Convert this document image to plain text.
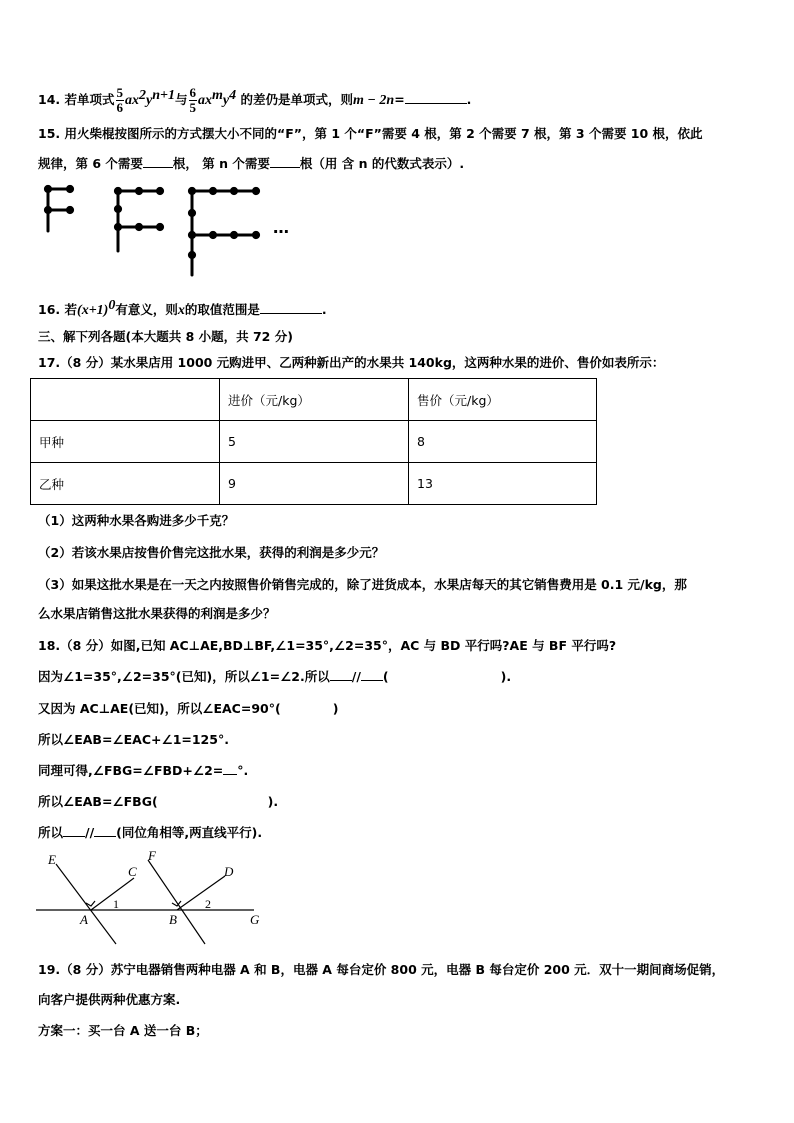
14. 若单项式 $\frac{5}{6} ax^2y^{n+1}$与 $\frac{6}{5} ax^my^4$ 的差仍是单项式，则m − 2n=	.
15. 用火柴棍按图所示的方式摆大小不同的“F”，第 1 个“F”需要 4 根，第 2 个需要 7 根，第 3 个需要 10 根，依此
规律，第 6 个需要 根， 第 n 个需要 根（用 含 n 的代数式表示）.
…
16. 若$(x+1)^0$有意义，则x的取值范围是	.
三、解下列各题(本大题共 8 小题，共 72 分)
17.（8 分）某水果店用 1000 元购进甲、乙两种新出产的水果共 140kg，这两种水果的进价、售价如表所示：
	进价（元/kg）	售价（元/kg）
甲种	5	8
乙种	9	13
（1）这两种水果各购进多少千克？
（2）若该水果店按售价售完这批水果，获得的利润是多少元？
（3）如果这批水果是在一天之内按照售价销售完成的，除了进货成本，水果店每天的其它销售费用是 0.1 元/kg，那
么水果店销售这批水果获得的利润是多少？
18.（8 分）如图,已知 AC⊥AE,BD⊥BF,∠1=35°,∠2=35°，AC 与 BD 平行吗?AE 与 BF 平行吗?
因为∠1=35°,∠2=35°(已知)，所以∠1=∠2.所以 // (	).
又因为 AC⊥AE(已知)，所以∠EAC=90°(	)
所以∠EAB=∠EAC+∠1=125°.
同理可得,∠FBG=∠FBD+∠2= °.
所以∠EAB=∠FBG(	).
所以 // (同位角相等,两直线平行).
E
C
F
D
A	B	G
1	2
19.（8 分）苏宁电器销售两种电器 A 和 B，电器 A 每台定价 800 元，电器 B 每台定价 200 元．双十一期间商场促销，
向客户提供两种优惠方案.
方案一：买一台 A 送一台 B；
